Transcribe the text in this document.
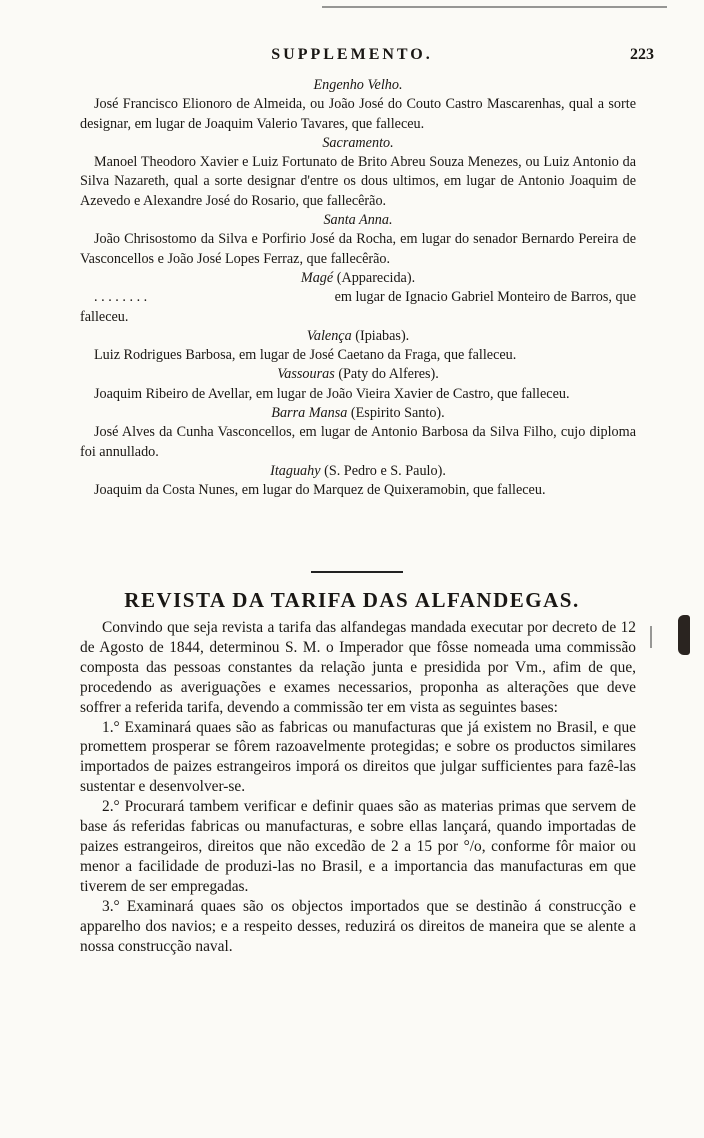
SUPPLEMENTO.	223
Engenho Velho.

José Francisco Elionoro de Almeida, ou João José do Couto Castro Mascarenhas, qual a sorte designar, em lugar de Joaquim Valerio Tavares, que falleceu.

Sacramento.

Manoel Theodoro Xavier e Luiz Fortunato de Brito Abreu Souza Menezes, ou Luiz Antonio da Silva Nazareth, qual a sorte designar d'entre os dous ultimos, em lugar de Antonio Joaquim de Azevedo e Alexandre José do Rosario, que fallecêrão.

Santa Anna.

João Chrisostomo da Silva e Porfirio José da Rocha, em lugar do senador Bernardo Pereira de Vasconcellos e João José Lopes Ferraz, que fallecêrão.

Magé (Apparecida).
. . . . . . . .	em lugar de Ignacio Gabriel Monteiro de Barros, que
falleceu.
Valença (Ipiabas).

Luiz Rodrigues Barbosa, em lugar de José Caetano da Fraga, que falleceu.

Vassouras (Paty do Alferes).

Joaquim Ribeiro de Avellar, em lugar de João Vieira Xavier de Castro, que falleceu.

Barra Mansa (Espirito Santo).

José Alves da Cunha Vasconcellos, em lugar de Antonio Barbosa da Silva Filho, cujo diploma foi annullado.

Itaguahy (S. Pedro e S. Paulo).

Joaquim da Costa Nunes, em lugar do Marquez de Quixeramobin, que falleceu.

REVISTA DA TARIFA DAS ALFANDEGAS.

Convindo que seja revista a tarifa das alfandegas mandada executar por decreto de 12 de Agosto de 1844, determinou S. M. o Imperador que fôsse nomeada uma commissão composta das pessoas constantes da relação junta e presidida por Vm., afim de que, procedendo as averiguações e exames necessarios, proponha as alterações que deve soffrer a referida tarifa, devendo a commissão ter em vista as seguintes bases:

1.° Examinará quaes são as fabricas ou manufacturas que já existem no Brasil, e que promettem prosperar se fôrem razoavelmente protegidas; e sobre os productos similares importados de paizes estrangeiros imporá os direitos que julgar sufficientes para fazê-las sustentar e desenvolver-se.

2.° Procurará tambem verificar e definir quaes são as materias primas que servem de base ás referidas fabricas ou manufacturas, e sobre ellas lançará, quando importadas de paizes estrangeiros, direitos que não excedão de 2 a 15 por °/o, conforme fôr maior ou menor a facilidade de produzi-las no Brasil, e a importancia das manufacturas em que tiverem de ser empregadas.

3.° Examinará quaes são os objectos importados que se destinão á construcção e apparelho dos navios; e a respeito desses, reduzirá os direitos de maneira que se alente a nossa construcção naval.
